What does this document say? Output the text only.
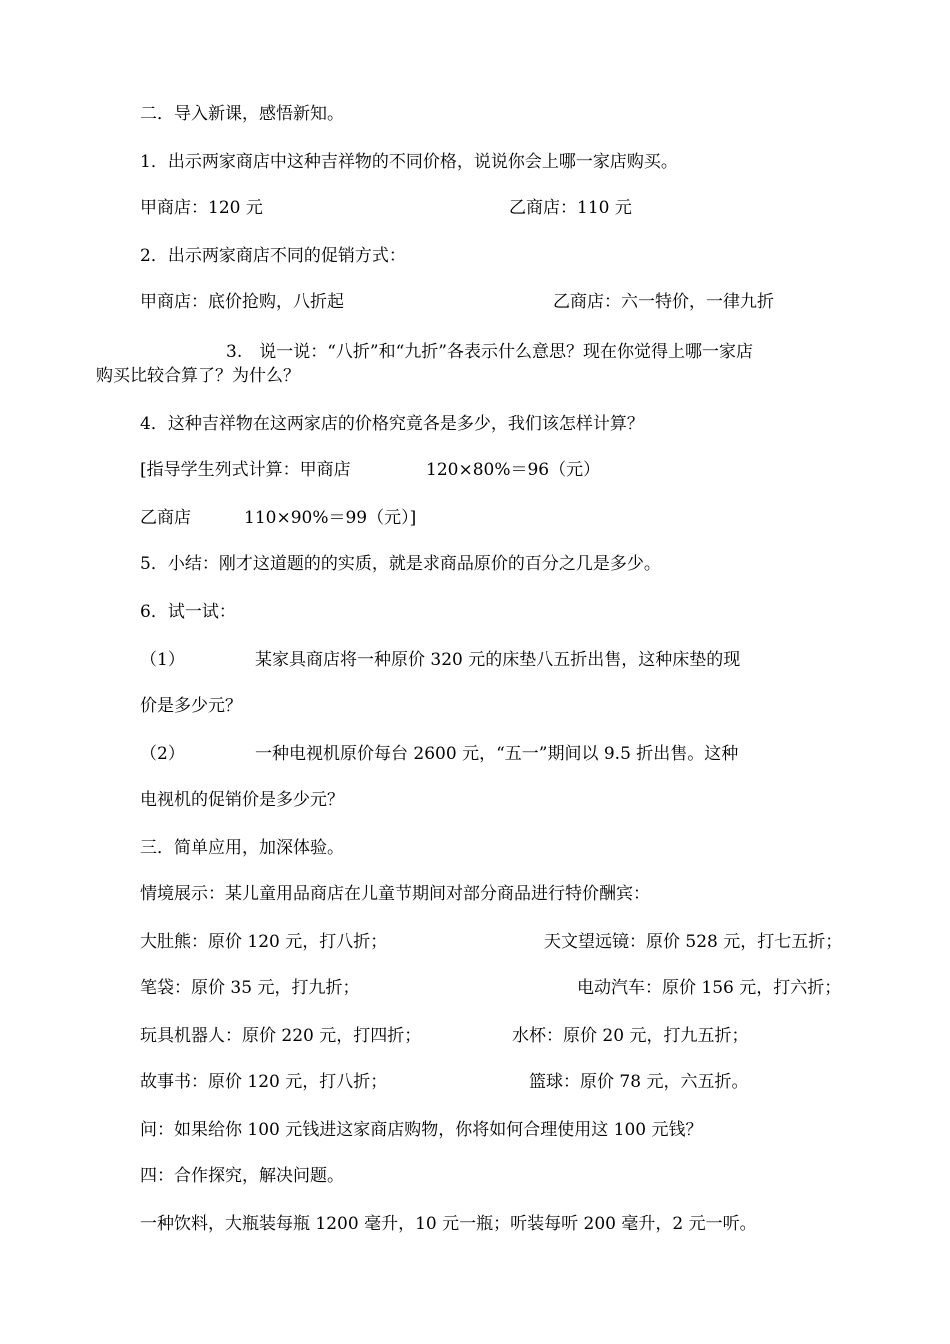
二．导入新课，感悟新知。
1．出示两家商店中这种吉祥物的不同价格，说说你会上哪一家店购买。
甲商店：120 元	乙商店：110 元
2．出示两家商店不同的促销方式：
甲商店：底价抢购，八折起	乙商店：六一特价，一律九折
3.　说一说：“八折”和“九折”各表示什么意思？现在你觉得上哪一家店
购买比较合算了？为什么？
4．这种吉祥物在这两家店的价格究竟各是多少，我们该怎样计算？
[指导学生列式计算：甲商店	120×80%＝96（元）
乙商店	110×90%＝99（元）]
5．小结：刚才这道题的的实质，就是求商品原价的百分之几是多少。
6．试一试：
（1）	某家具商店将一种原价 320 元的床垫八五折出售，这种床垫的现
价是多少元？
（2）	一种电视机原价每台 2600 元，“五一”期间以 9.5 折出售。这种
电视机的促销价是多少元？
三．简单应用，加深体验。
情境展示：某儿童用品商店在儿童节期间对部分商品进行特价酬宾：
大肚熊：原价 120 元，打八折；	天文望远镜：原价 528 元，打七五折；
笔袋：原价 35 元，打九折；	电动汽车：原价 156 元，打六折；
玩具机器人：原价 220 元，打四折；	水杯：原价 20 元，打九五折；
故事书：原价 120 元，打八折；	篮球：原价 78 元，六五折。
问：如果给你 100 元钱进这家商店购物，你将如何合理使用这 100 元钱？
四：合作探究，解决问题。
一种饮料，大瓶装每瓶 1200 毫升，10 元一瓶；听装每听 200 毫升，2 元一听。
